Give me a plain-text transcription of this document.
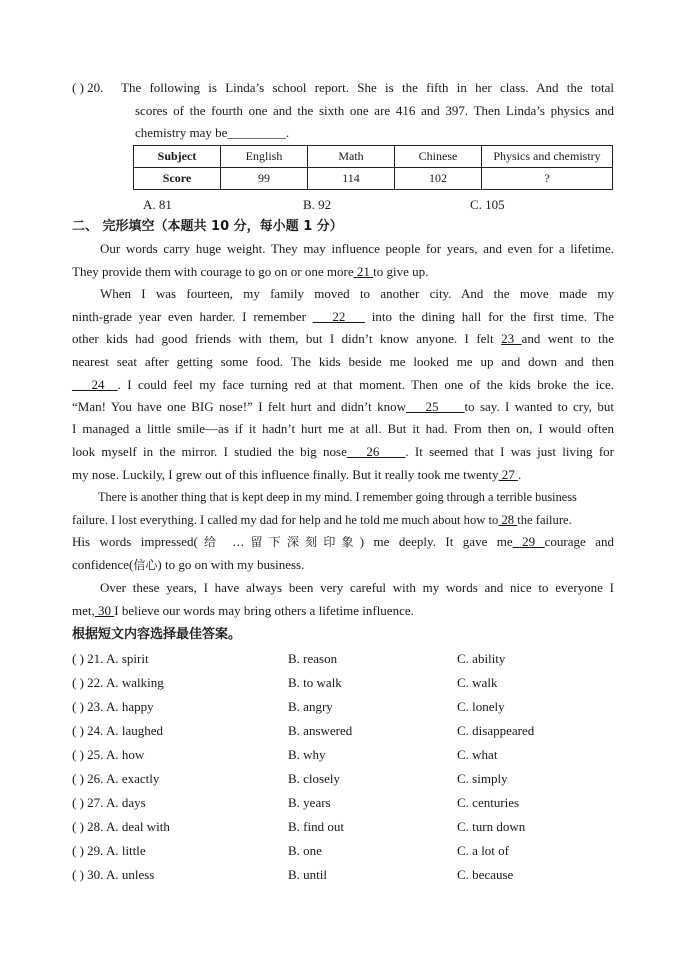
( ) 20. The following is Linda’s school report. She is the fifth in her class. And the total
scores of the fourth one and the sixth one are 416 and 397. Then Linda’s physics and
chemistry may be_________.
Subject	English	Math	Chinese	Physics and chemistry
Score	99	114	102	?
A. 81	B. 92	C. 105
二、 完形填空（本题共 10 分，每小题 1 分）
Our words carry huge weight. They may influence people for years, and even for a lifetime.
They provide them with courage to go on or one more 21 to give up.
When I was fourteen, my family moved to another city. And the move made my
ninth-grade year even harder. I remember ___22___ into the dining hall for the first time. The
other kids had good friends with them, but I didn’t know anyone. I felt 23 and went to the
nearest seat after getting some food. The kids beside me looked me up and down and then
___24__. I could feel my face turning red at that moment. Then one of the kids broke the ice.
“Man! You have one BIG nose!” I felt hurt and didn’t know___25____to say. I wanted to cry, but
I managed a little smile—as if it hadn’t hurt me at all. But it had. From then on, I would often
look myself in the mirror. I studied the big nose___26____. It seemed that I was just living for
my nose. Luckily, I grew out of this influence finally. But it really took me twenty 27 .
There is another thing that is kept deep in my mind. I remember going through a terrible business
failure. I lost everything. I called my dad for help and he told me much about how to 28 the failure.
His words impressed(给 …留下深刻印象) me deeply. It gave me 29 courage and
confidence(信心) to go on with my business.
Over these years, I have always been very careful with my words and nice to everyone I
met, 30 I believe our words may bring others a lifetime influence.
根据短文内容选择最佳答案。
( ) 21. A. spirit	B. reason	C. ability
( ) 22. A. walking	B. to walk	C. walk
( ) 23. A. happy	B. angry	C. lonely
( ) 24. A. laughed	B. answered	C. disappeared
( ) 25. A. how	B. why	C. what
( ) 26. A. exactly	B. closely	C. simply
( ) 27. A. days	B. years	C. centuries
( ) 28. A. deal with	B. find out	C. turn down
( ) 29. A. little	B. one	C. a lot of
( ) 30. A. unless	B. until	C. because
